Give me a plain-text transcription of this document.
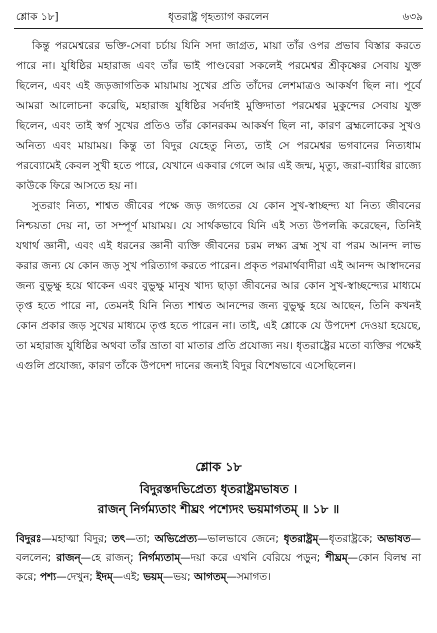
শ্লোক ১৮]	ধৃতরাষ্ট্র গৃহত্যাগ করলেন	৬৩৯

কিন্তু পরমেশ্বরের ভক্তি-সেবা চর্চায় যিনি সদা জাগ্রত, মায়া তাঁর ওপর প্রভাব বিস্তার করতে পারে না। যুধিষ্ঠির মহারাজ এবং তাঁর ভাই পাণ্ডবেরা সকলেই পরমেশ্বর শ্রীকৃষ্ণের সেবায় যুক্ত ছিলেন, এবং এই জড়জাগতিক মায়ামায় সুখের প্রতি তাঁদের লেশমাত্রও আকর্ষণ ছিল না। পূর্বে আমরা আলোচনা করেছি, মহারাজ যুধিষ্ঠির সর্বদাই মুক্তিদাতা পরমেশ্বর মুকুন্দের সেবায় যুক্ত ছিলেন, এবং তাই স্বর্গ সুখের প্রতিও তাঁর কোনরকম আকর্ষণ ছিল না, কারণ ব্রহ্মলোকের সুখও অনিত্য এবং মায়াময়। কিন্তু তা বিদুর যেহেতু নিত্য, তাই সে পরমেশ্বর ভগবানের নিত্যধাম পরব্যোমেই কেবল সুখী হতে পারে, যেখানে একবার গেলে আর এই জন্ম, মৃত্যু, জরা-ব্যাধির রাজ্যে কাউকে ফিরে আসতে হয় না।

সুতরাং নিত্য, শাশ্বত জীবের পক্ষে জড় জগতের যে কোন সুখ-স্বাচ্ছন্দ্য যা নিত্য জীবনের নিশ্চয়তা দেয় না, তা সম্পূর্ণ মায়াময়। যে সার্থকভাবে যিনি এই সত্য উপলব্ধি করেছেন, তিনিই যথার্থ জ্ঞানী, এবং এই ধরনের জ্ঞানী ব্যক্তি জীবনের চরম লক্ষ্য ব্রহ্ম সুখ বা পরম আনন্দ লাভ করার জন্য যে কোন জড় সুখ পরিত্যাগ করতে পারেন। প্রকৃত পরমার্থবাদীরা এই আনন্দ আস্বাদনের জন্য বুভুক্ষু হয়ে থাকেন এবং বুভুক্ষু মানুষ খাদ্য ছাড়া জীবনের আর কোন সুখ-স্বাচ্ছন্দ্যের মাধ্যমে তৃপ্ত হতে পারে না, তেমনই যিনি নিত্য শাশ্বত আনন্দের জন্য বুভুক্ষু হয়ে আছেন, তিনি কখনই কোন প্রকার জড় সুখের মাধ্যমে তৃপ্ত হতে পারেন না। তাই, এই শ্লোকে যে উপদেশ দেওয়া হয়েছে, তা মহারাজ যুধিষ্ঠির অথবা তাঁর ভ্রাতা বা মাতার প্রতি প্রযোজ্য নয়। ধৃতরাষ্ট্রের মতো ব্যক্তির পক্ষেই এগুলি প্রযোজ্য, কারণ তাঁকে উপদেশ দানের জন্যই বিদুর বিশেষভাবে এসেছিলেন।

শ্লোক ১৮
বিদুরস্তদভিপ্রেত্য ধৃতরাষ্ট্রমভাষত ।
রাজন্ নির্গম্যতাং শীঘ্রং পশ্যেদং ভয়মাগতম্ ॥ ১৮ ॥
বিদুরঃ—মহাত্মা বিদুর; তৎ—তা; অভিপ্রেত্য—ভালভাবে জেনে; ধৃতরাষ্ট্রম্—ধৃতরাষ্ট্রকে; অভাষত—বললেন; রাজন্—হে রাজন্; নির্গম্যতাম্—দয়া করে এখনি বেরিয়ে পড়ুন; শীঘ্রম্—কোন বিলম্ব না করে; পশ্য—দেখুন; ইদম্—এই; ভয়ম্—ভয়; আগতম্—সমাগত।
